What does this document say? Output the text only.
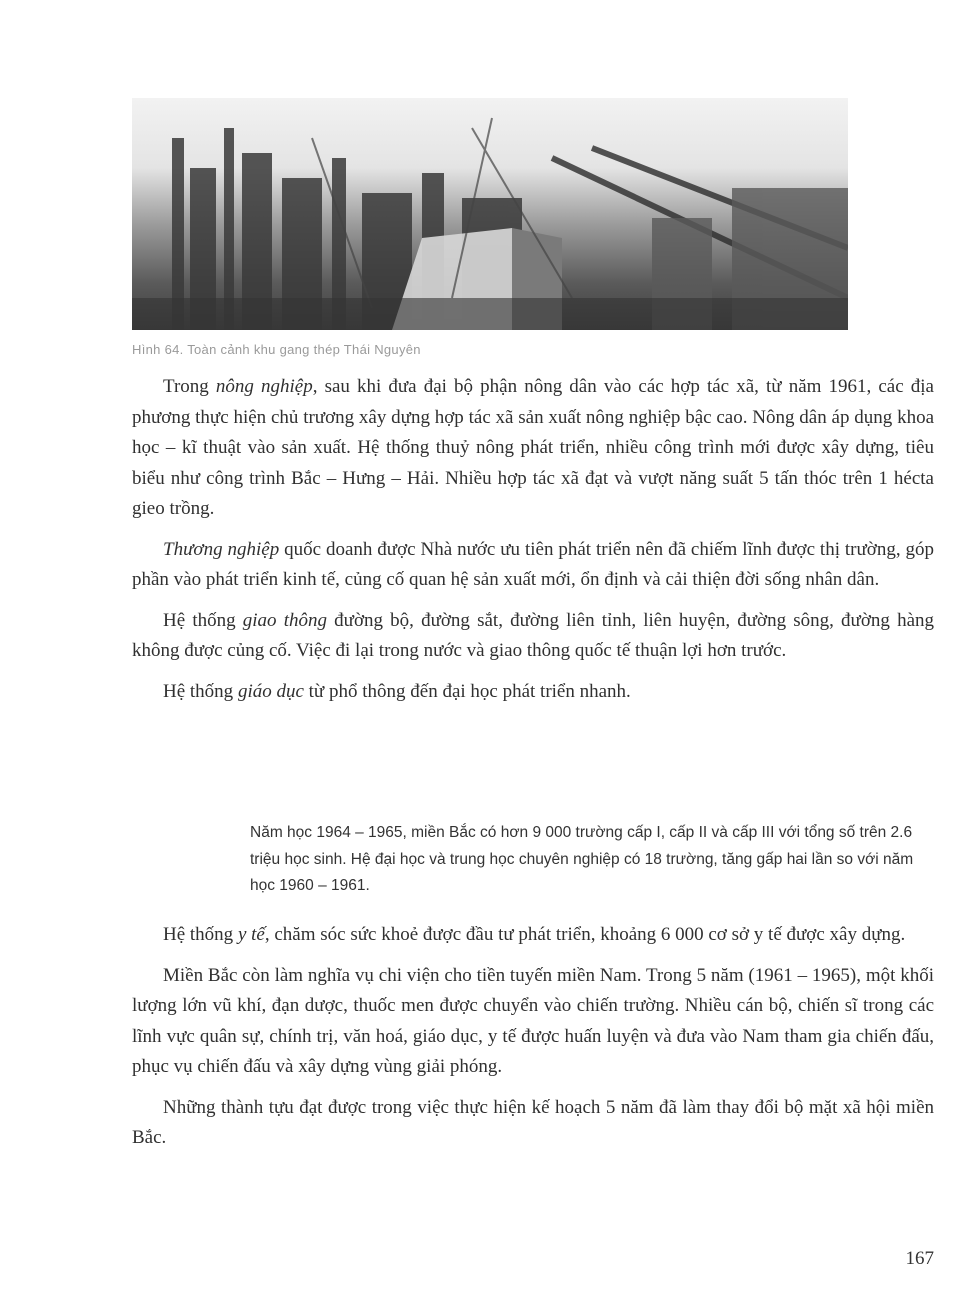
Hình 64. Toàn cảnh khu gang thép Thái Nguyên

Trong nông nghiệp, sau khi đưa đại bộ phận nông dân vào các hợp tác xã, từ năm 1961, các địa phương thực hiện chủ trương xây dựng hợp tác xã sản xuất nông nghiệp bậc cao. Nông dân áp dụng khoa học – kĩ thuật vào sản xuất. Hệ thống thuỷ nông phát triển, nhiều công trình mới được xây dựng, tiêu biểu như công trình Bắc – Hưng – Hải. Nhiều hợp tác xã đạt và vượt năng suất 5 tấn thóc trên 1 hécta gieo trồng.

Thương nghiệp quốc doanh được Nhà nước ưu tiên phát triển nên đã chiếm lĩnh được thị trường, góp phần vào phát triển kinh tế, củng cố quan hệ sản xuất mới, ổn định và cải thiện đời sống nhân dân.

Hệ thống giao thông đường bộ, đường sắt, đường liên tỉnh, liên huyện, đường sông, đường hàng không được củng cố. Việc đi lại trong nước và giao thông quốc tế thuận lợi hơn trước.

Hệ thống giáo dục từ phổ thông đến đại học phát triển nhanh.

Năm học 1964 – 1965, miền Bắc có hơn 9 000 trường cấp I, cấp II và cấp III với tổng số trên 2.6 triệu học sinh. Hệ đại học và trung học chuyên nghiệp có 18 trường, tăng gấp hai lần so với năm học 1960 – 1961.

Hệ thống y tế, chăm sóc sức khoẻ được đầu tư phát triển, khoảng 6 000 cơ sở y tế được xây dựng.

Miền Bắc còn làm nghĩa vụ chi viện cho tiền tuyến miền Nam. Trong 5 năm (1961 – 1965), một khối lượng lớn vũ khí, đạn dược, thuốc men được chuyển vào chiến trường. Nhiều cán bộ, chiến sĩ trong các lĩnh vực quân sự, chính trị, văn hoá, giáo dục, y tế được huấn luyện và đưa vào Nam tham gia chiến đấu, phục vụ chiến đấu và xây dựng vùng giải phóng.

Những thành tựu đạt được trong việc thực hiện kế hoạch 5 năm đã làm thay đổi bộ mặt xã hội miền Bắc.

167
